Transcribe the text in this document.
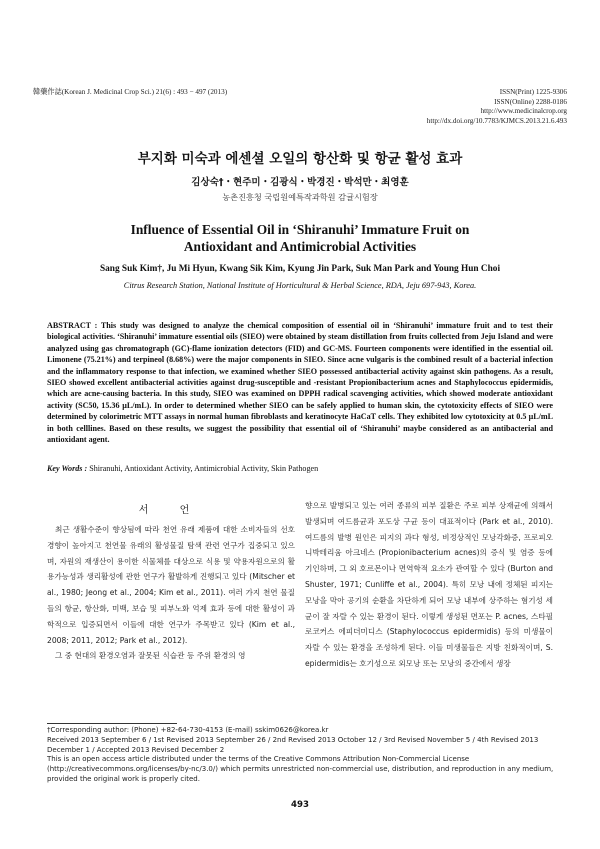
韓藥作誌(Korean J. Medicinal Crop Sci.) 21(6) : 493 − 497 (2013)	ISSN(Print) 1225-9306
ISSN(Online) 2288-0186
http://www.medicinalcrop.org
http://dx.doi.org/10.7783/KJMCS.2013.21.6.493
부지화 미숙과 에센셜 오일의 항산화 및 항균 활성 효과
김상숙†・현주미・김광식・박경진・박석만・최영훈
농촌진흥청 국립원예특작과학원 감귤시험장
Influence of Essential Oil in ‘Shiranuhi’ Immature Fruit on
Antioxidant and Antimicrobial Activities
Sang Suk Kim†, Ju Mi Hyun, Kwang Sik Kim, Kyung Jin Park, Suk Man Park and Young Hun Choi
Citrus Research Station, National Institute of Horticultural & Herbal Science, RDA, Jeju 697-943, Korea.
ABSTRACT : This study was designed to analyze the chemical composition of essential oil in ‘Shiranuhi’ immature fruit and to test their biological activities. ‘Shiranuhi’ immature essential oils (SIEO) were obtained by steam distillation from fruits collected from Jeju Island and were analyzed using gas chromatograph (GC)-flame ionization detectors (FID) and GC-MS. Fourteen components were identified in the essential oil. Limonene (75.21%) and terpineol (8.68%) were the major components in SIEO. Since acne vulgaris is the combined result of a bacterial infection and the inflammatory response to that infection, we examined whether SIEO possessed antibacterial activity against skin pathogens. As a result, SIEO showed excellent antibacterial activities against drug-susceptible and -resistant Propionibacterium acnes and Staphylococcus epidermidis, which are acne-causing bacteria. In this study, SIEO was examined on DPPH radical scavenging activities, which showed moderate antioxidant activity (SC50, 15.36 μL/mL). In order to determined whether SIEO can be safely applied to human skin, the cytotoxicity effects of SIEO were determined by colorimetric MTT assays in normal human fibroblasts and keratinocyte HaCaT cells. They exhibited low cytotoxicity at 0.5 μL/mL in both celllines. Based on these results, we suggest the possibility that essential oil of ‘Shiranuhi’ maybe considered as an antibacterial and antioxidant agent.
Key Words : Shiranuhi, Antioxidant Activity, Antimicrobial Activity, Skin Pathogen
서 언

최근 생활수준이 향상됨에 따라 천연 유래 제품에 대한 소비자들의 선호 경향이 높아지고 천연물 유래의 활성물질 탐색 관련 연구가 집중되고 있으며, 자원의 재생산이 용이한 식물체를 대상으로 식용 및 약용자원으로의 활용가능성과 생리활성에 관한 연구가 활발하게 진행되고 있다 (Mitscher et al., 1980; Jeong et al., 2004; Kim et al., 2011). 여러 가지 천연 물질들의 항균, 항산화, 미백, 보습 및 피부노화 억제 효과 등에 대한 활성이 과학적으로 입증되면서 이들에 대한 연구가 주목받고 있다 (Kim et al., 2008; 2011, 2012; Park et al., 2012).

그 중 현대의 환경오염과 잘못된 식습관 등 주위 환경의 영

향으로 발병되고 있는 여러 종류의 피부 질환은 주로 피부 상재균에 의해서 발생되며 여드름균과 포도상 구균 등이 대표적이다 (Park et al., 2010). 여드름의 발병 원인은 피지의 과다 형성, 비정상적인 모낭각화증, 프로피오니박테리움 아크네스 (Propionibacterium acnes)의 증식 및 염증 등에 기인하며, 그 외 호르몬이나 면역학적 요소가 관여할 수 있다 (Burton and Shuster, 1971; Cunliffe et al., 2004). 특히 모낭 내에 정체된 피지는 모낭을 막아 공기의 순환을 차단하게 되어 모낭 내부에 상주하는 혐기성 세균이 잘 자랄 수 있는 환경이 된다. 이렇게 생성된 면포는 P. acnes, 스타필로코커스 에피더미디스 (Staphylococcus epidermidis) 등의 미생물이 자랄 수 있는 환경을 조성하게 된다. 이들 미생물들은 지방 친화적이며, S. epidermidis는 호기성으로 외모낭 또는 모낭의 중간에서 생장

†Corresponding author: (Phone) +82-64-730-4153 (E-mail) sskim0626@korea.kr
Received 2013 September 6 / 1st Revised 2013 September 26 / 2nd Revised 2013 October 12 / 3rd Revised November 5 / 4th Revised 2013 December 1 / Accepted 2013 Revised December 2
This is an open access article distributed under the terms of the Creative Commons Attribution Non-Commercial License (http://creativecommons.org/licenses/by-nc/3.0/) which permits unrestricted non-commercial use, distribution, and reproduction in any medium, provided the original work is properly cited.
493
